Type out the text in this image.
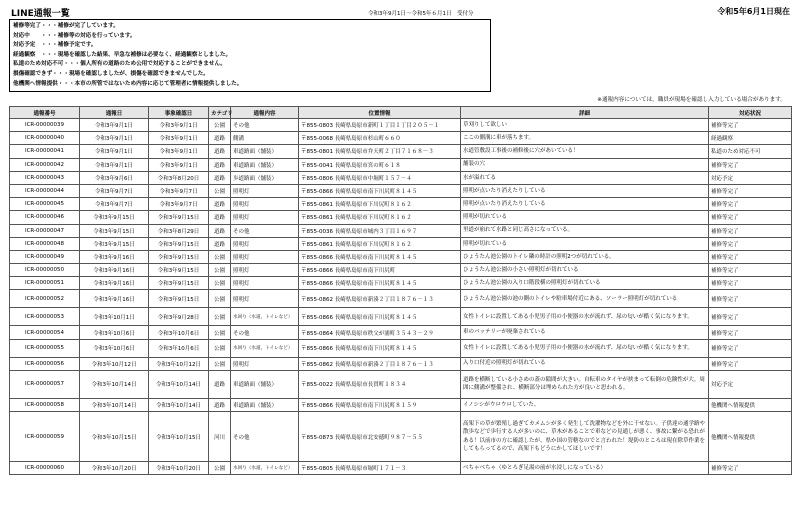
LINE通報一覧	令和3年9月1日～令和5年６月1日　受付分	令和5年6月1日現在
補修等完了・・・補修が完了しています。
対応中　　・・・補修等の対応を行っています。
対応予定　・・・補修予定です。
経過観察　・・・現場を確認した結果、早急な補修は必要なく、経過観察としました。
私道のため対応不可・・・個人所有の道路のため公用で対応することができません。
損傷確認できず・・・現場を確認しましたが、損傷を確認できませんでした。
他機関へ情報提供・・・本市の所管ではないため内容に応じて管理者に情報提供しました。
※通報内容については，職員が現場を確認し入力している場合があります。
通報番号	通報日	事象確認日	カテゴリ	通報内容	位置情報	詳細	対応状況
ICR-00000039	令和3年9月1日	令和3年9月1日	公園	その他	〒855-0803 長崎県島原市新町１丁目１丁目２０５－１	草刈りして欲しい	補修等完了
ICR-00000040	令和3年9月1日	令和3年9月1日	道路	側溝	〒855-0068 長崎県島原市杉山町６６０	ここの側溝に車が落ちます。	経過観察
ICR-00000041	令和3年9月1日	令和3年9月1日	道路	車道路面（舗装）	〒855-0801 長崎県島原市弁天町２丁目７１６８－３	水道管敷設工事後の補修後に穴があいている！	私道のため対応不可
ICR-00000042	令和3年9月1日	令和3年9月1日	道路	車道路面（舗装）	〒855-0041 長崎県島原市宮の町６１８	舗装の穴	補修等完了
ICR-00000043	令和3年9月6日	令和3年8月20日	道路	歩道路面（舗装）	〒855-0806 長崎県島原市中堀町１５７－４	水が溢れてる	対応予定
ICR-00000044	令和3年9月7日	令和3年9月7日	公園	照明灯	〒855-0866 長崎県島原市南下川尻町８１４５	照明が点いたり消えたりしている	補修等完了
ICR-00000045	令和3年9月7日	令和3年9月7日	道路	照明灯	〒855-0861 長崎県島原市下川尻町８１６２	照明が点いたり消えたりしている	補修等完了
ICR-00000046	令和3年9月15日	令和3年9月15日	道路	照明灯	〒855-0861 長崎県島原市下川尻町８１６２	照明が切れている	補修等完了
ICR-00000047	令和3年9月15日	令和3年8月29日	道路	その他	〒855-0036 長崎県島原市城内３丁目１６９７	里道が崩れて水路と同じ高さになっている。	補修等完了
ICR-00000048	令和3年9月15日	令和3年9月15日	道路	照明灯	〒855-0861 長崎県島原市下川尻町８１６２	照明が切れている	補修等完了
ICR-00000049	令和3年9月16日	令和3年9月15日	公園	照明灯	〒855-0866 長崎県島原市南下川尻町８１４５	ひょうたん池公園のトイレ隣の時計の照明2つが切れている。	補修等完了
ICR-00000050	令和3年9月16日	令和3年9月15日	公園	照明灯	〒855-0866 長崎県島原市南下川尻町	ひょうたん池公園の小さい照明灯が切れている	補修等完了
ICR-00000051	令和3年9月16日	令和3年9月15日	公園	照明灯	〒855-0866 長崎県島原市南下川尻町８１４５	ひょうたん池公園の入り口階段横の照明灯が切れている	補修等完了
ICR-00000052	令和3年9月16日	令和3年9月15日	公園	照明灯	〒855-0862 長崎県島原市新湊２丁目１８７６－１３	ひょうたん池公園の池の側のトイレや駐車場付近にある、ソーラー照明灯が切れている	補修等完了
ICR-00000053	令和3年10月1日	令和3年9月28日	公園	水回り（水道、トイレなど）	〒855-0866 長崎県島原市南下川尻町８１４５	女性トイレに設置してある小児男子用の小便器の水が流れず、尿の匂いが酷く気になります。	補修等完了
ICR-00000054	令和3年10月6日	令和3年10月6日	公園	その他	〒855-0864 長崎県島原市秩父が浦町３５４３－２９	車のバッテリーが廃棄されている	補修等完了
ICR-00000055	令和3年10月6日	令和3年10月6日	公園	水回り（水道、トイレなど）	〒855-0866 長崎県島原市南下川尻町８１４５	女性トイレに設置してある小児男子用の小便器の水が流れず、尿の匂いが酷く気になります。	補修等完了
ICR-00000056	令和3年10月12日	令和3年10月12日	公園	照明灯	〒855-0862 長崎県島原市新湊２丁目１８７６－１３	入り口付近の照明灯が切れている	補修等完了
ICR-00000057	令和3年10月14日	令和3年10月14日	道路	車道路面（舗装）	〒855-0022 長崎県島原市長貫町１８３４	道路を横断している小さめの蓋の隙間が大きい。自転車のタイヤが挟まって転倒の危険性が大。周囲に側溝が整備され、横断部分は埋められた方が良いと思われる。	対応予定
ICR-00000058	令和3年10月14日	令和3年10月14日	道路	車道路面（舗装）	〒855-0866 長崎県島原市南下川尻町８１５９	イノシシがウロウロしていた。	他機関へ情報提供
ICR-00000059	令和3年10月15日	令和3年10月15日	河川	その他	〒855-0873 長崎県島原市北安徳町９８７－５５	高架下の草が繁殖し過ぎてカメムシが多く発生して洗濯物などを外に干せない。子供達の通学路や散歩などで歩行する人が多いのに、草木があることで車などの見通しが悪く、事故に繋がる恐れがある！以前市の方に確認したが、県か国の管轄なのでと言われた！堤防のところは現在除草作業をしてもらってるので、高架下もどうにかしてほしいです！	他機関へ情報提供
ICR-00000060	令和3年10月20日	令和3年10月20日	公園	水回り（水道、トイレなど）	〒855-0805 長崎県島原市堀町１７１－３	べちゃべちゃ（ゆとろぎ足湯の前が水浸しになっている）	補修等完了
